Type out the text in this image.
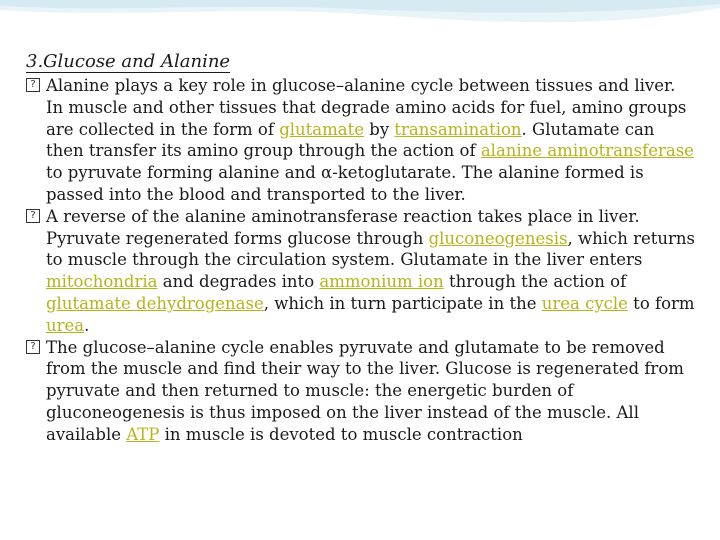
3.Glucose and Alanine

? Alanine plays a key role in glucose–alanine cycle between tissues and liver. In muscle and other tissues that degrade amino acids for fuel, amino groups are collected in the form of glutamate by transamination. Glutamate can then transfer its amino group through the action of alanine aminotransferase to pyruvate forming alanine and α-ketoglutarate. The alanine formed is passed into the blood and transported to the liver.

? A reverse of the alanine aminotransferase reaction takes place in liver. Pyruvate regenerated forms glucose through gluconeogenesis, which returns to muscle through the circulation system. Glutamate in the liver enters mitochondria and degrades into ammonium ion through the action of glutamate dehydrogenase, which in turn participate in the urea cycle to form urea.

? The glucose–alanine cycle enables pyruvate and glutamate to be removed from the muscle and find their way to the liver. Glucose is regenerated from pyruvate and then returned to muscle: the energetic burden of gluconeogenesis is thus imposed on the liver instead of the muscle. All available ATP in muscle is devoted to muscle contraction
